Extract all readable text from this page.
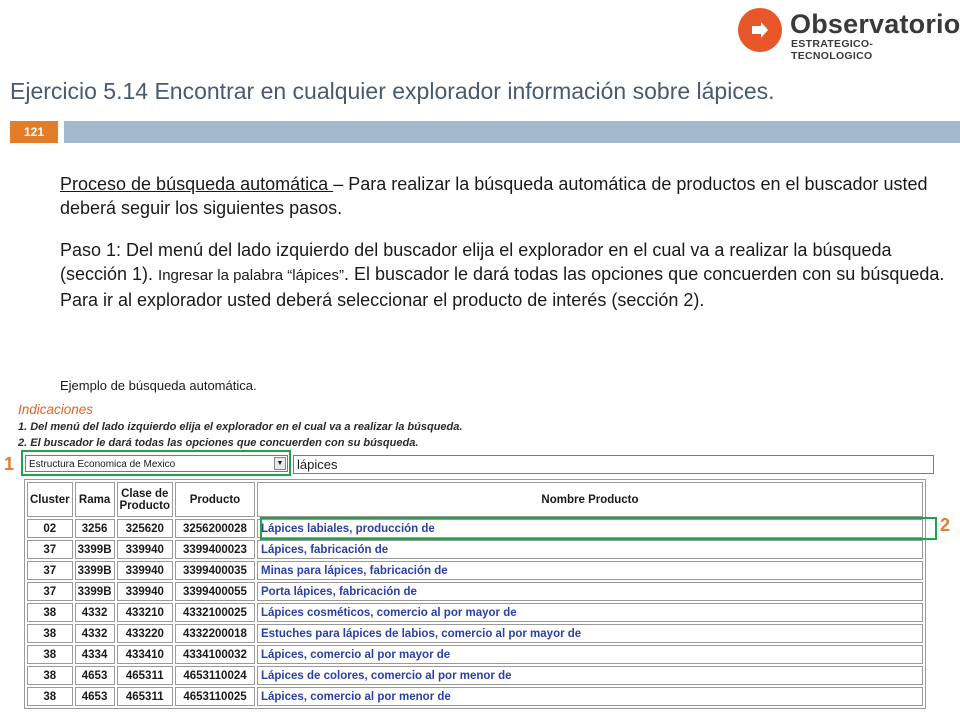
Observatorio
ESTRATEGICO-TECNOLOGICO
Ejercicio 5.14 Encontrar en cualquier explorador información sobre lápices.
121
Proceso de búsqueda automática – Para realizar la búsqueda automática de productos en el buscador usted deberá seguir los siguientes pasos.
Paso 1: Del menú del lado izquierdo del buscador elija el explorador en el cual va a realizar la búsqueda (sección 1). Ingresar la palabra “lápices”. El buscador le dará todas las opciones que concuerden con su búsqueda. Para ir al explorador usted deberá seleccionar el producto de interés (sección 2).
Ejemplo de búsqueda automática.
Indicaciones
1. Del menú del lado izquierdo elija el explorador en el cual va a realizar la búsqueda.
2. El buscador le dará todas las opciones que concuerden con su búsqueda.
1
2
Estructura Economica de Mexico	▼	lápices
Cluster	Rama	Clase de Producto	Producto	Nombre Producto
02	3256	325620	3256200028	Lápices labiales, producción de
37	3399B	339940	3399400023	Lápices, fabricación de
37	3399B	339940	3399400035	Minas para lápices, fabricación de
37	3399B	339940	3399400055	Porta lápices, fabricación de
38	4332	433210	4332100025	Lápices cosméticos, comercio al por mayor de
38	4332	433220	4332200018	Estuches para lápices de labios, comercio al por mayor de
38	4334	433410	4334100032	Lápices, comercio al por mayor de
38	4653	465311	4653110024	Lápices de colores, comercio al por menor de
38	4653	465311	4653110025	Lápices, comercio al por menor de
